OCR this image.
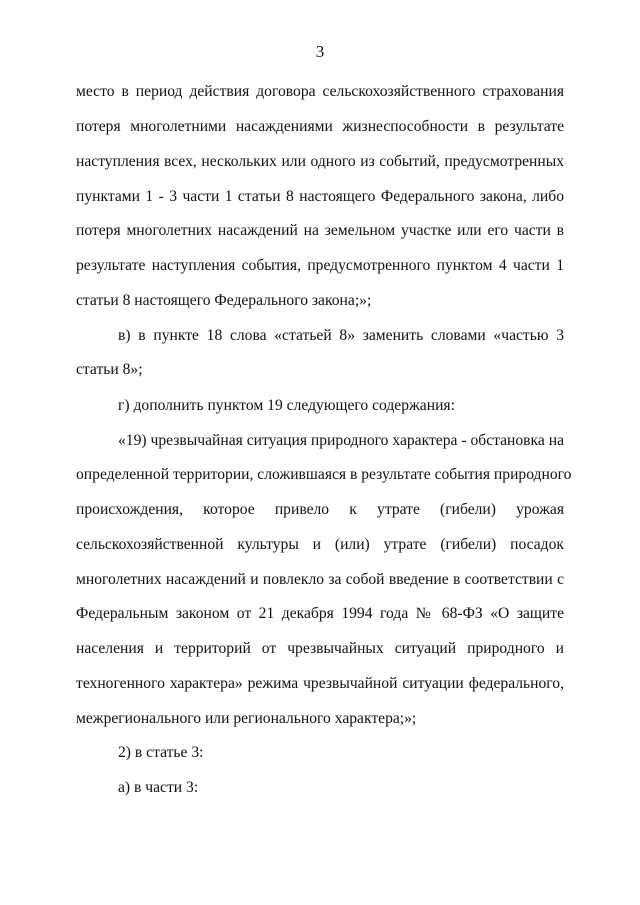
3
место в период действия договора сельскохозяйственного страхования
потеря многолетними насаждениями жизнеспособности в результате
наступления всех, нескольких или одного из событий, предусмотренных
пунктами 1 - 3 части 1 статьи 8 настоящего Федерального закона, либо
потеря многолетних насаждений на земельном участке или его части в
результате наступления события, предусмотренного пунктом 4 части 1
статьи 8 настоящего Федерального закона;»;
в) в пункте 18 слова «статьей 8» заменить словами «частью 3
статьи 8»;
г) дополнить пунктом 19 следующего содержания:
«19) чрезвычайная ситуация природного характера - обстановка на
определенной территории, сложившаяся в результате события природного
происхождения, которое привело к утрате (гибели) урожая
сельскохозяйственной культуры и (или) утрате (гибели) посадок
многолетних насаждений и повлекло за собой введение в соответствии с
Федеральным законом от 21 декабря 1994 года № 68-ФЗ «О защите
населения и территорий от чрезвычайных ситуаций природного и
техногенного характера» режима чрезвычайной ситуации федерального,
межрегионального или регионального характера;»;
2) в статье 3:
а) в части 3:
